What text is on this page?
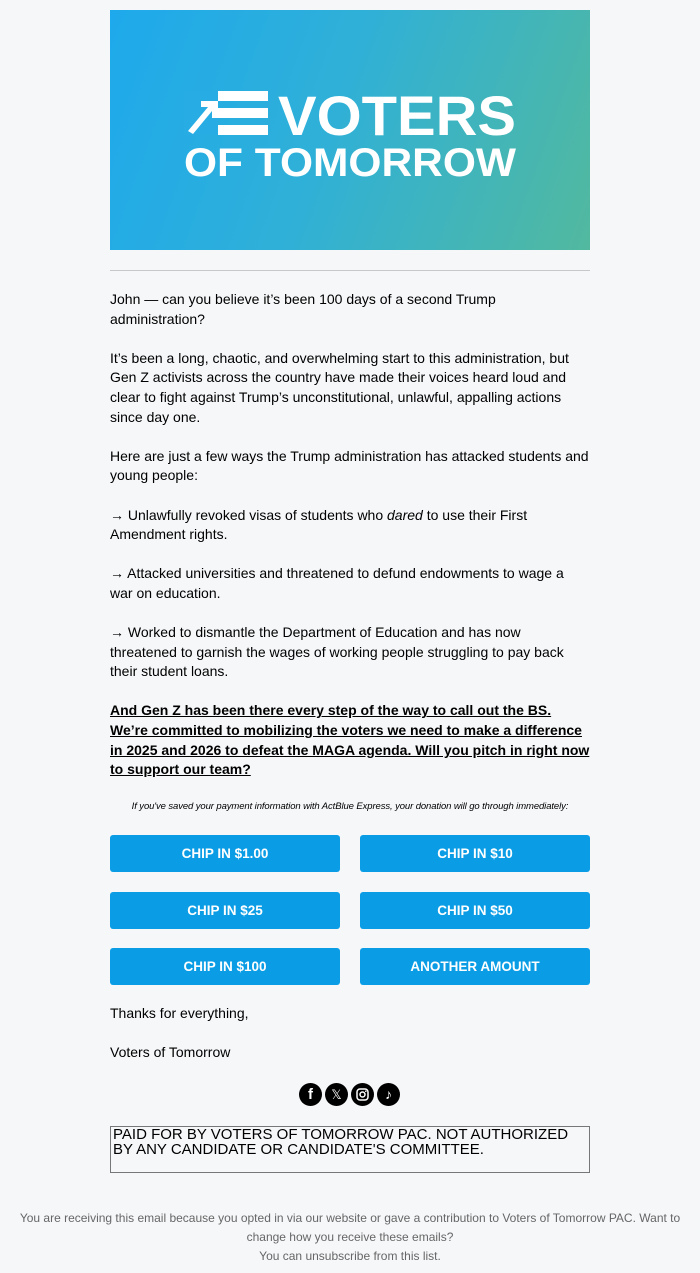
VOTERS
OF TOMORROW

John — can you believe it’s been 100 days of a second Trump administration?

It’s been a long, chaotic, and overwhelming start to this administration, but Gen Z activists across the country have made their voices heard loud and clear to fight against Trump’s unconstitutional, unlawful, appalling actions since day one.

Here are just a few ways the Trump administration has attacked students and young people:

→ Unlawfully revoked visas of students who dared to use their First Amendment rights.

→ Attacked universities and threatened to defund endowments to wage a war on education.

→ Worked to dismantle the Department of Education and has now threatened to garnish the wages of working people struggling to pay back their student loans.

And Gen Z has been there every step of the way to call out the BS. We’re committed to mobilizing the voters we need to make a difference in 2025 and 2026 to defeat the MAGA agenda. Will you pitch in right now to support our team?

If you've saved your payment information with ActBlue Express, your donation will go through immediately:
CHIP IN $1.00	CHIP IN $10
CHIP IN $25	CHIP IN $50
CHIP IN $100	ANOTHER AMOUNT

Thanks for everything,

Voters of Tomorrow

f 𝕏	♪
PAID FOR BY VOTERS OF TOMORROW PAC. NOT AUTHORIZED BY ANY CANDIDATE OR CANDIDATE'S COMMITTEE.
You are receiving this email because you opted in via our website or gave a contribution to Voters of Tomorrow PAC. Want to change how you receive these emails?
You can unsubscribe from this list.
